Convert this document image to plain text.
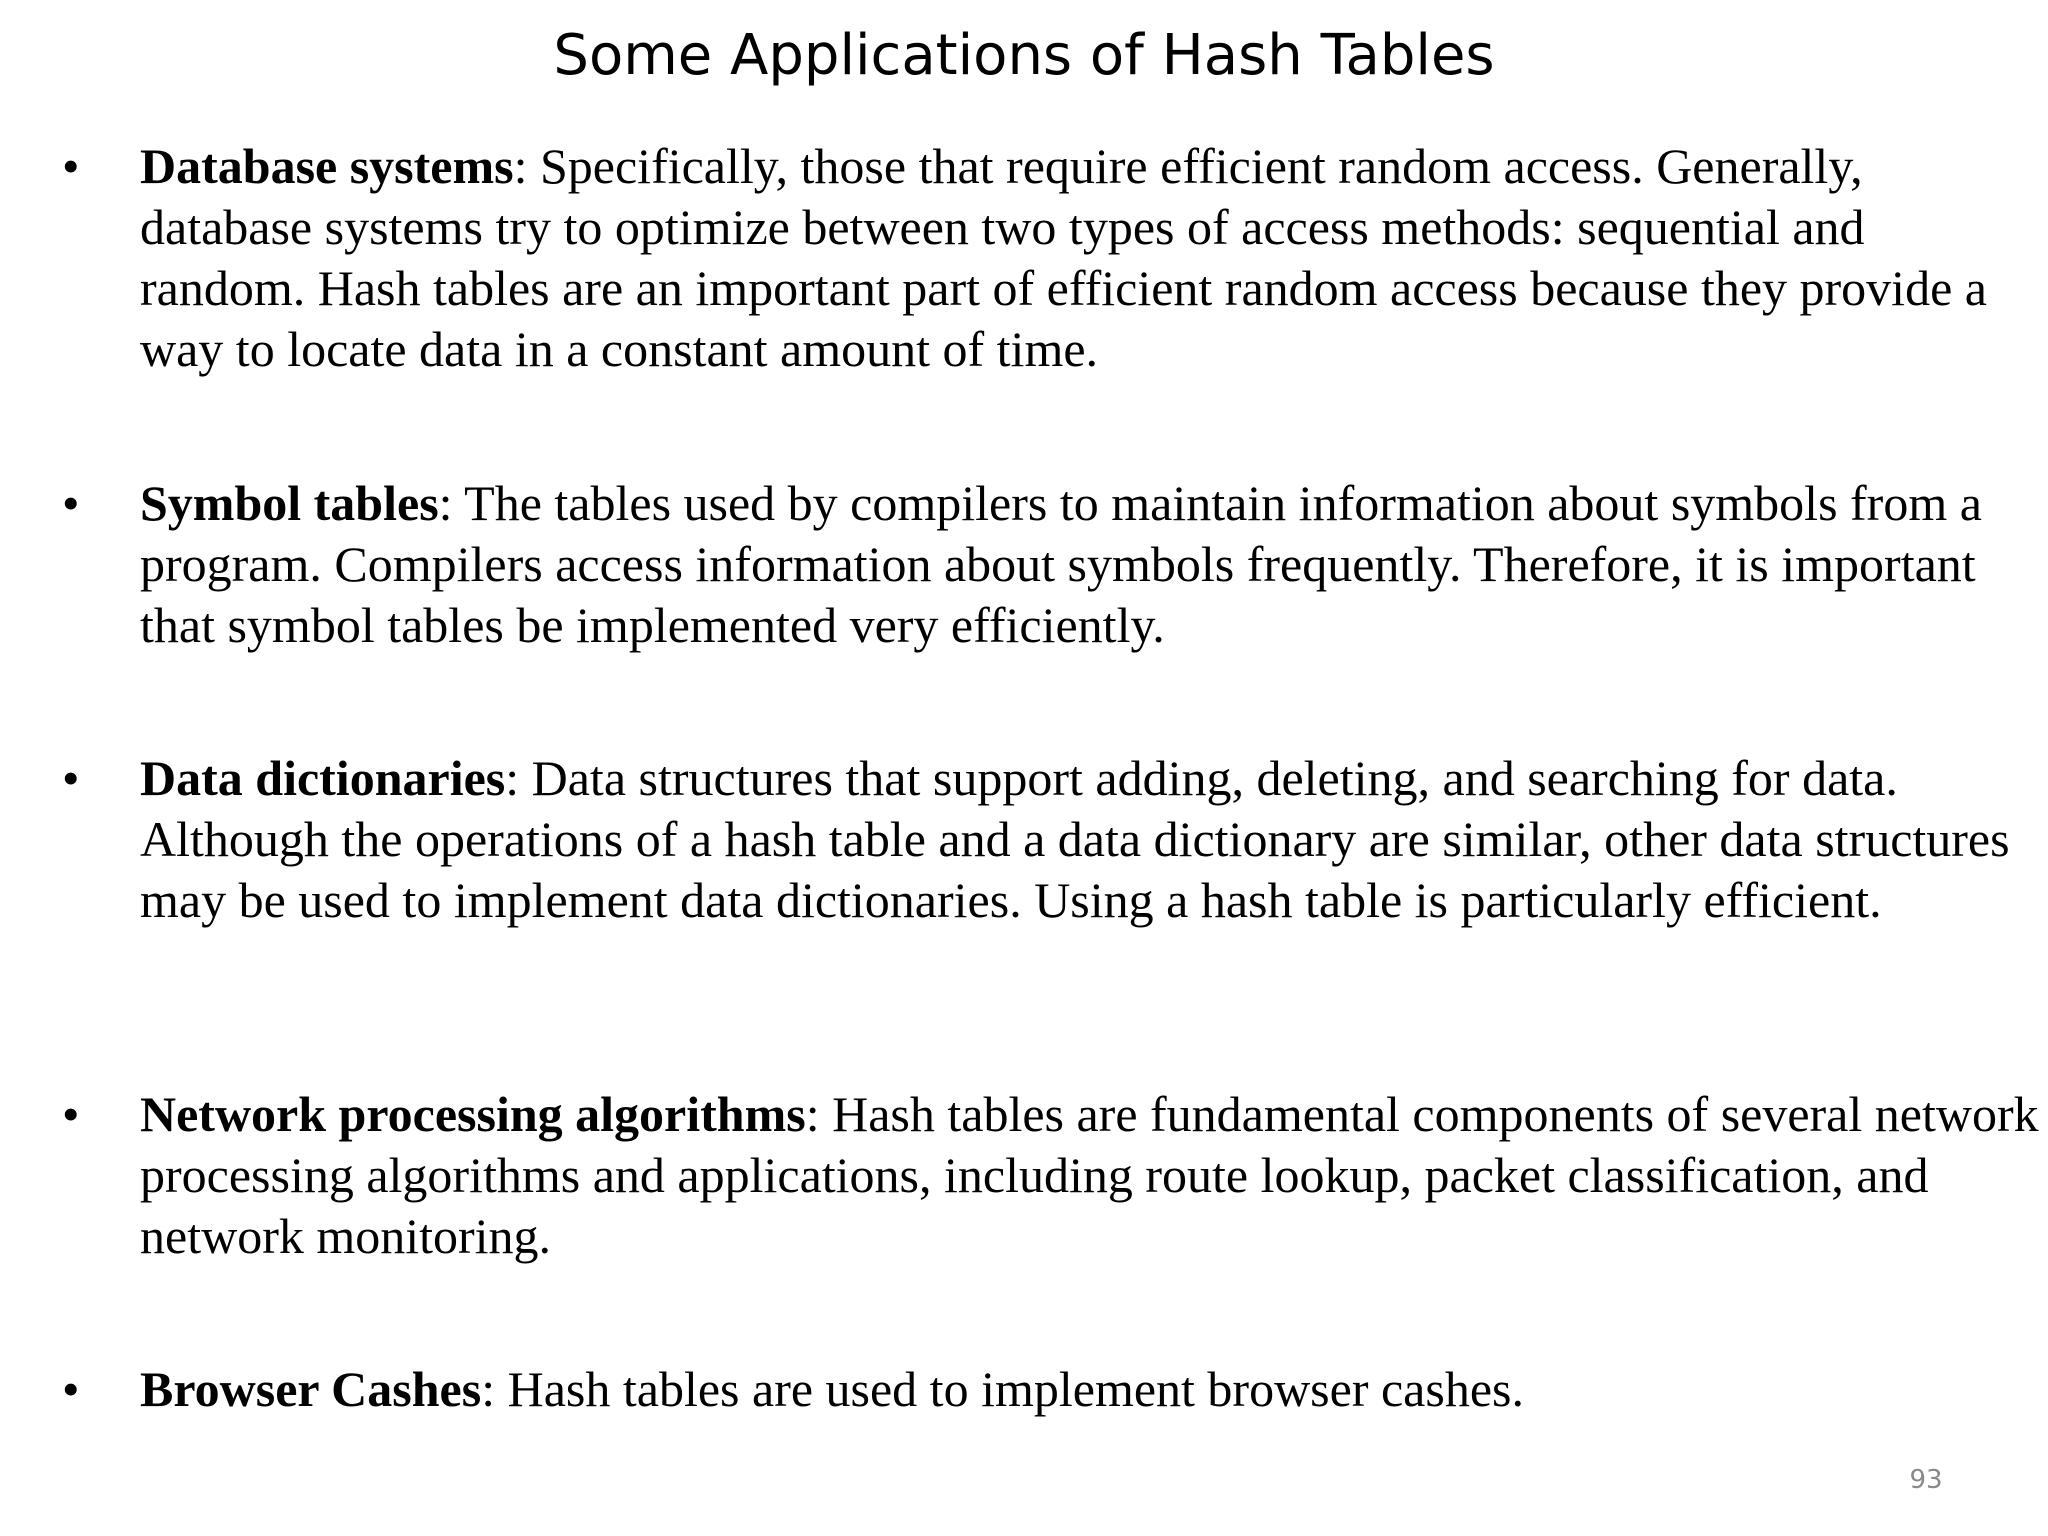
Some Applications of Hash Tables
• Database systems: Specifically, those that require efficient random access. Generally, database systems try to optimize between two types of access methods: sequential and random. Hash tables are an important part of efficient random access because they provide a way to locate data in a constant amount of time.

• Symbol tables: The tables used by compilers to maintain information about symbols from a program. Compilers access information about symbols frequently. Therefore, it is important that symbol tables be implemented very efficiently.

• Data dictionaries: Data structures that support adding, deleting, and searching for data. Although the operations of a hash table and a data dictionary are similar, other data structures may be used to implement data dictionaries. Using a hash table is particularly efficient.

• Network processing algorithms: Hash tables are fundamental components of several network processing algorithms and applications, including route lookup, packet classification, and network monitoring.

• Browser Cashes: Hash tables are used to implement browser cashes.

93
